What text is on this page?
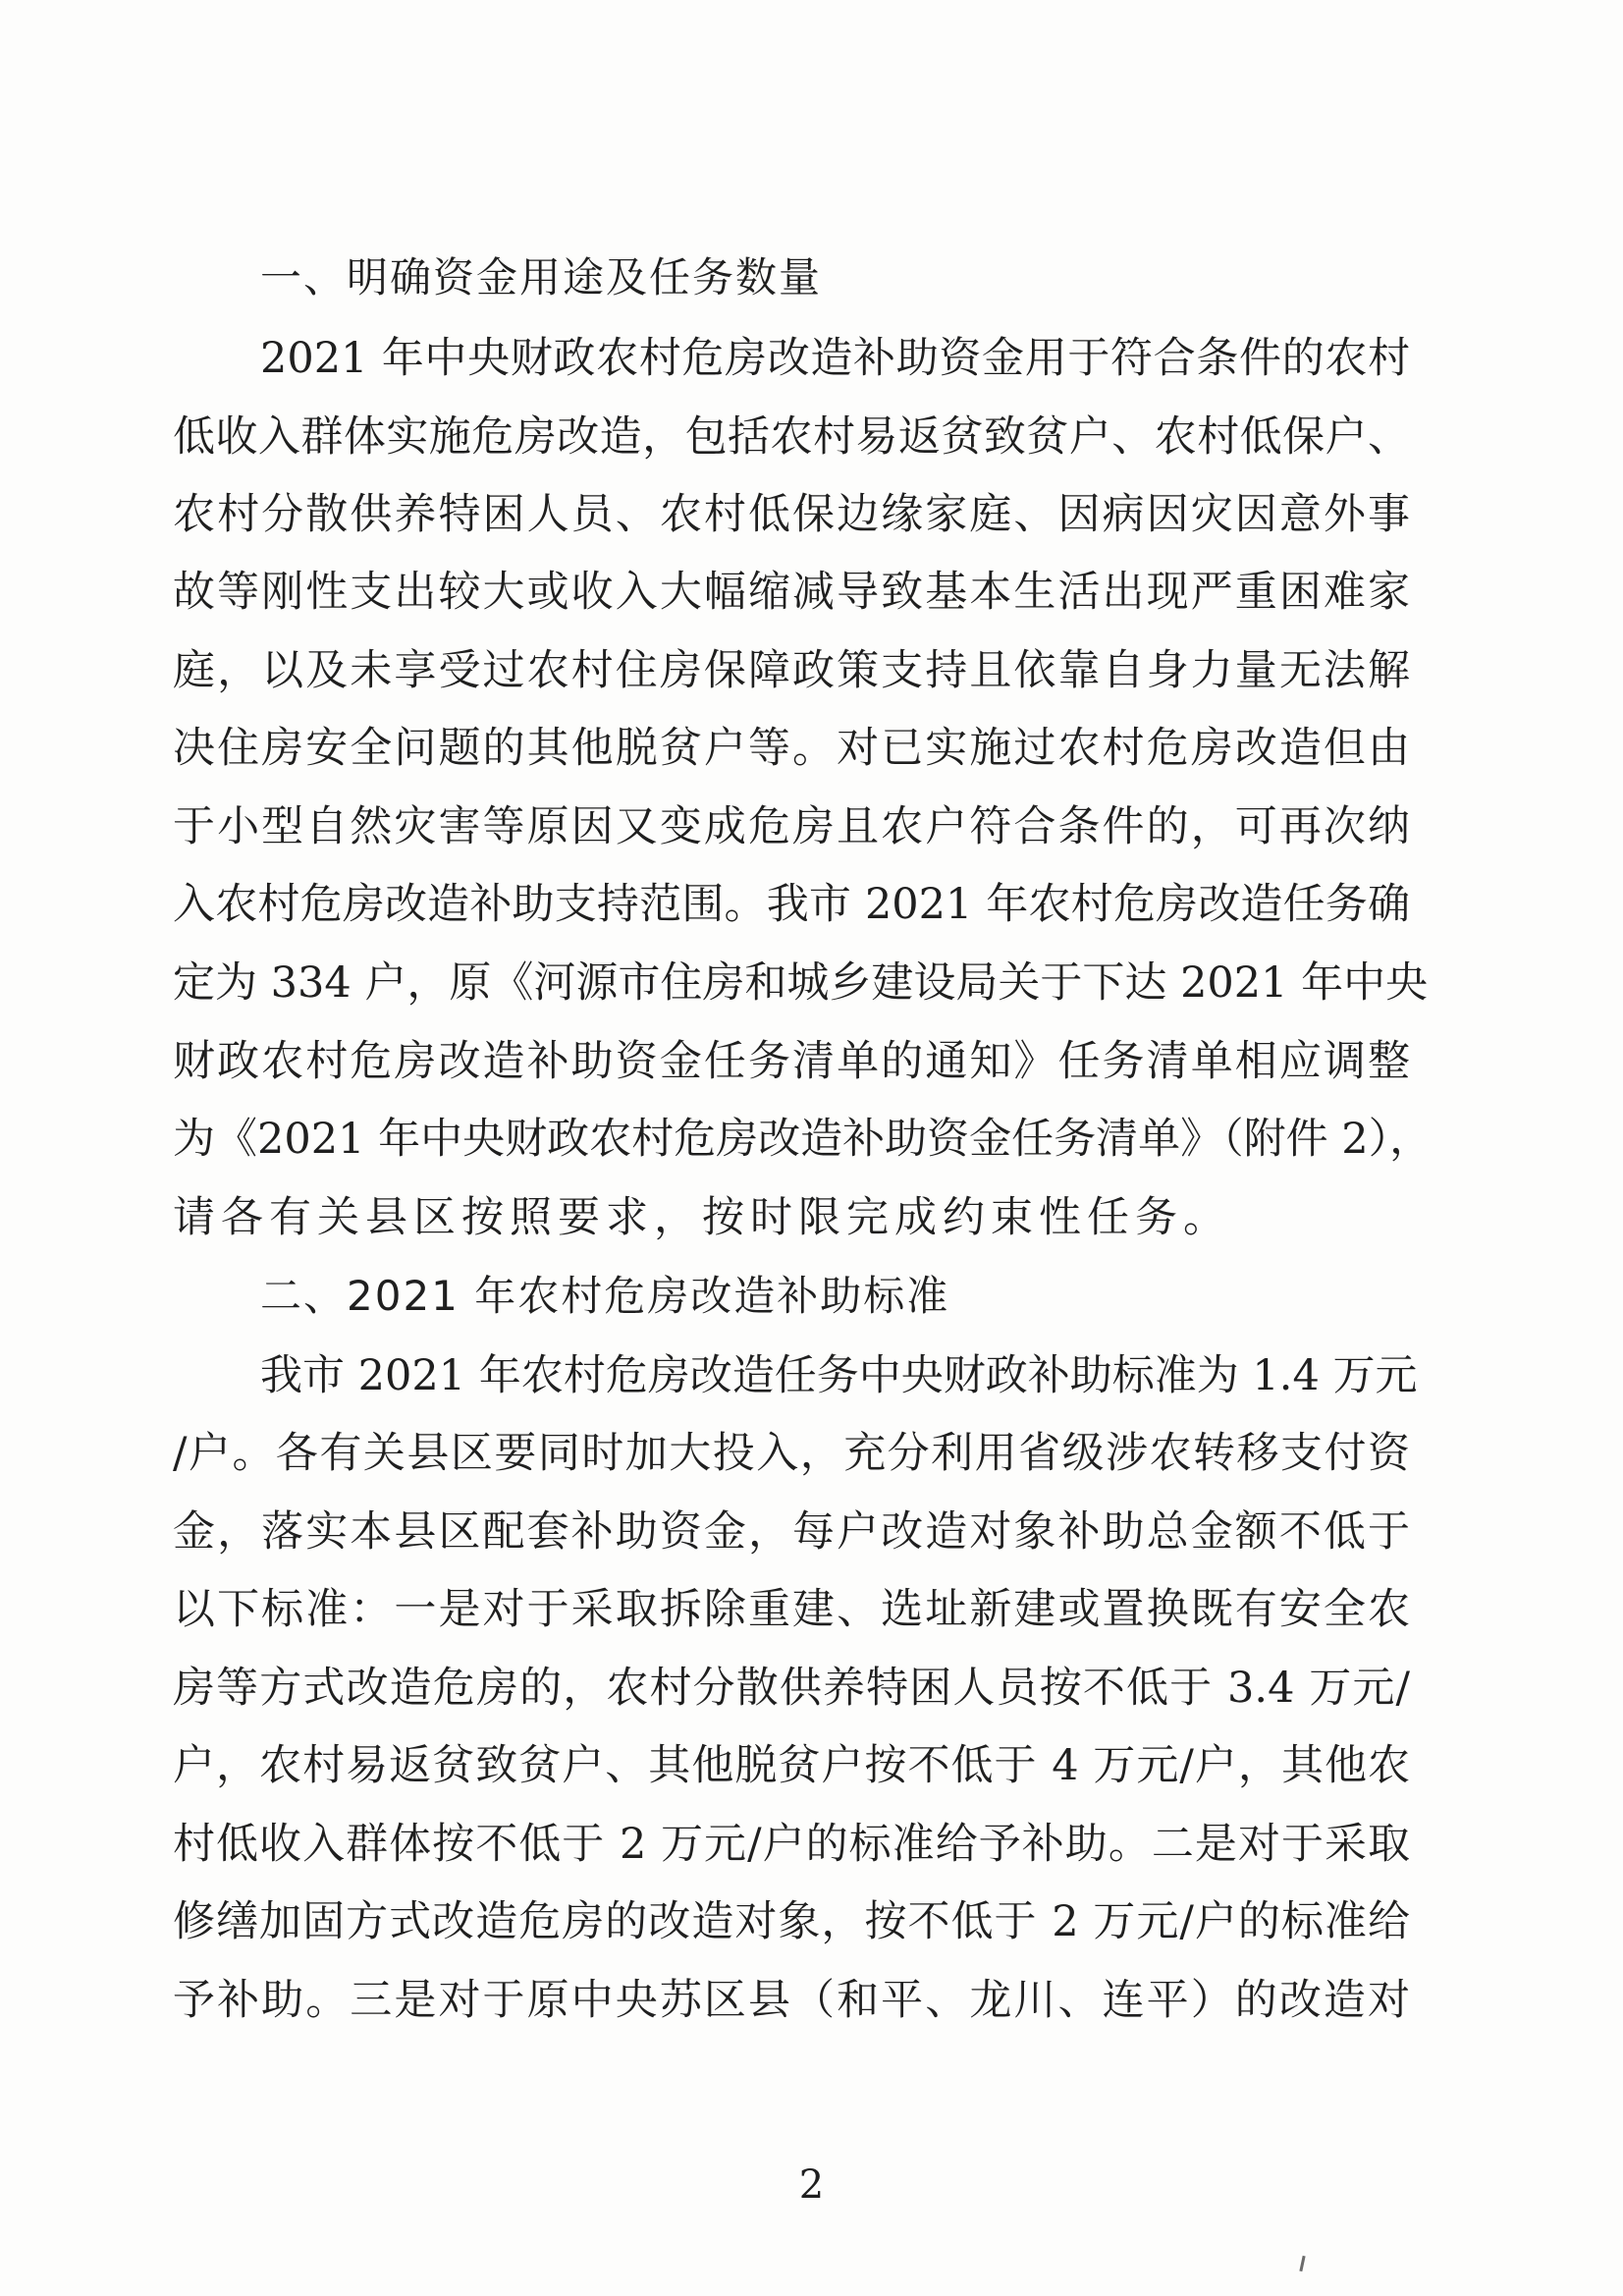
一、明确资金用途及任务数量
2021 年中央财政农村危房改造补助资金用于符合条件的农村
低收入群体实施危房改造，包括农村易返贫致贫户、农村低保户、
农村分散供养特困人员、农村低保边缘家庭、因病因灾因意外事
故等刚性支出较大或收入大幅缩减导致基本生活出现严重困难家
庭，以及未享受过农村住房保障政策支持且依靠自身力量无法解
决住房安全问题的其他脱贫户等。对已实施过农村危房改造但由
于小型自然灾害等原因又变成危房且农户符合条件的，可再次纳
入农村危房改造补助支持范围。我市 2021 年农村危房改造任务确
定为 334 户，原《河源市住房和城乡建设局关于下达 2021 年中央
财政农村危房改造补助资金任务清单的通知》任务清单相应调整
为《2021 年中央财政农村危房改造补助资金任务清单》（附件 2），
请各有关县区按照要求，按时限完成约束性任务。
二、2021 年农村危房改造补助标准
我市 2021 年农村危房改造任务中央财政补助标准为 1.4 万元
/户。各有关县区要同时加大投入，充分利用省级涉农转移支付资
金，落实本县区配套补助资金，每户改造对象补助总金额不低于
以下标准：一是对于采取拆除重建、选址新建或置换既有安全农
房等方式改造危房的，农村分散供养特困人员按不低于 3.4 万元/
户，农村易返贫致贫户、其他脱贫户按不低于 4 万元/户，其他农
村低收入群体按不低于 2 万元/户的标准给予补助。二是对于采取
修缮加固方式改造危房的改造对象，按不低于 2 万元/户的标准给
予补助。三是对于原中央苏区县（和平、龙川、连平）的改造对
2
